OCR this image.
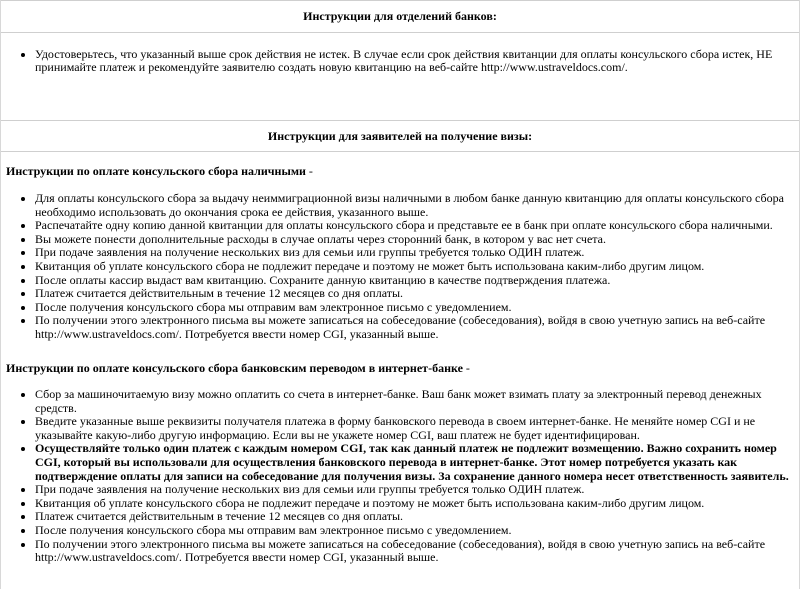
Инструкции для отделений банков:
• Удостоверьтесь, что указанный выше срок действия не истек. В случае если срок действия квитанции для оплаты консульского сбора истек, НЕ принимайте платеж и рекомендуйте заявителю создать новую квитанцию на веб-сайте http://www.ustraveldocs.com/.
Инструкции для заявителей на получение визы:
Инструкции по оплате консульского сбора наличными -
• Для оплаты консульского сбора за выдачу неиммиграционной визы наличными в любом банке данную квитанцию для оплаты консульского сбора необходимо использовать до окончания срока ее действия, указанного выше.
• Распечатайте одну копию данной квитанции для оплаты консульского сбора и представьте ее в банк при оплате консульского сбора наличными.
• Вы можете понести дополнительные расходы в случае оплаты через сторонний банк, в котором у вас нет счета.
• При подаче заявления на получение нескольких виз для семьи или группы требуется только ОДИН платеж.
• Квитанция об уплате консульского сбора не подлежит передаче и поэтому не может быть использована каким-либо другим лицом.
• После оплаты кассир выдаст вам квитанцию. Сохраните данную квитанцию в качестве подтверждения платежа.
• Платеж считается действительным в течение 12 месяцев со дня оплаты.
• После получения консульского сбора мы отправим вам электронное письмо с уведомлением.
• По получении этого электронного письма вы можете записаться на собеседование (собеседования), войдя в свою учетную запись на веб-сайте http://www.ustraveldocs.com/. Потребуется ввести номер CGI, указанный выше.
Инструкции по оплате консульского сбора банковским переводом в интернет-банке -
• Сбор за машиночитаемую визу можно оплатить со счета в интернет-банке. Ваш банк может взимать плату за электронный перевод денежных средств.
• Введите указанные выше реквизиты получателя платежа в форму банковского перевода в своем интернет-банке. Не меняйте номер CGI и не указывайте какую-либо другую информацию. Если вы не укажете номер CGI, ваш платеж не будет идентифицирован.
• Осуществляйте только один платеж с каждым номером CGI, так как данный платеж не подлежит возмещению. Важно сохранить номер CGI, который вы использовали для осуществления банковского перевода в интернет-банке. Этот номер потребуется указать как подтверждение оплаты для записи на собеседование для получения визы. За сохранение данного номера несет ответственность заявитель.
• При подаче заявления на получение нескольких виз для семьи или группы требуется только ОДИН платеж.
• Квитанция об уплате консульского сбора не подлежит передаче и поэтому не может быть использована каким-либо другим лицом.
• Платеж считается действительным в течение 12 месяцев со дня оплаты.
• После получения консульского сбора мы отправим вам электронное письмо с уведомлением.
• По получении этого электронного письма вы можете записаться на собеседование (собеседования), войдя в свою учетную запись на веб-сайте http://www.ustraveldocs.com/. Потребуется ввести номер CGI, указанный выше.
